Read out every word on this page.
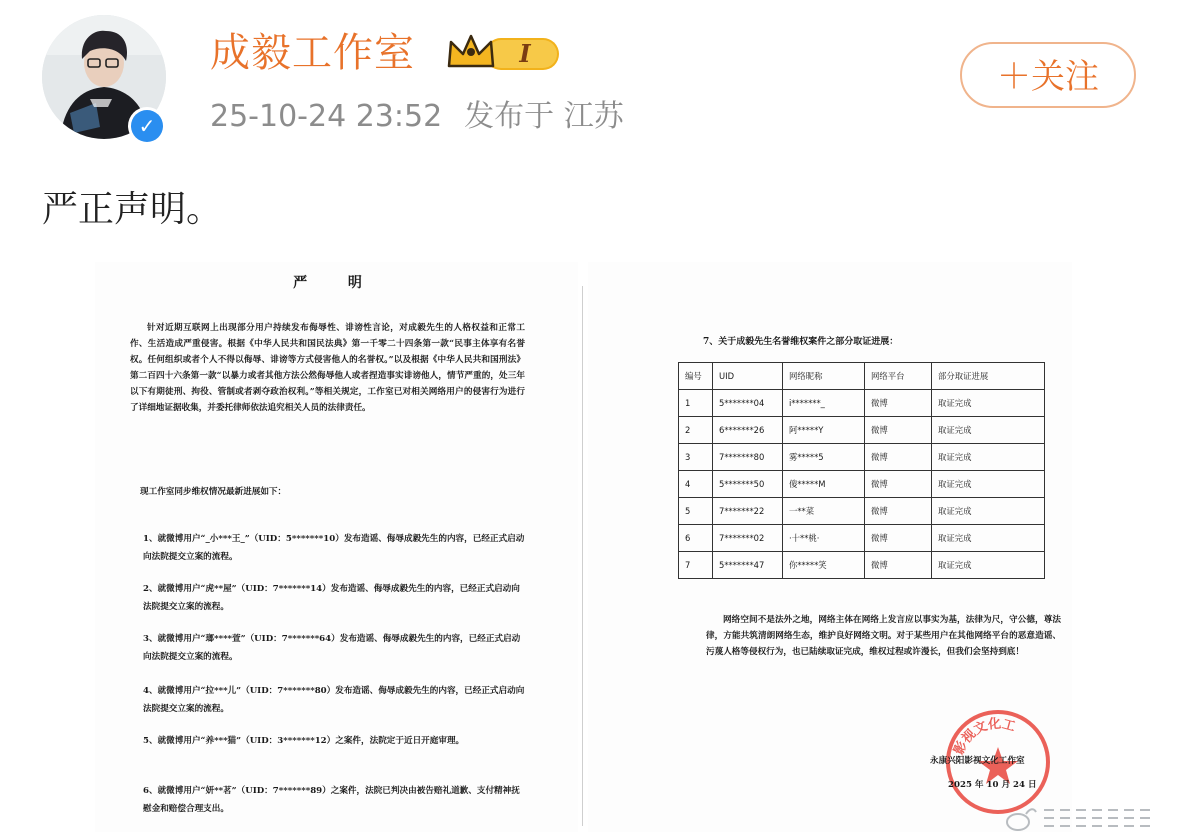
✓
成毅工作室	I
25-10-24 23:52 发布于 江苏
＋关注
严正声明。
严 明
针对近期互联网上出现部分用户持续发布侮辱性、诽谤性言论，对成毅先生的人格权益和正常工作、生活造成严重侵害。根据《中华人民共和国民法典》第一千零二十四条第一款“民事主体享有名誉权。任何组织或者个人不得以侮辱、诽谤等方式侵害他人的名誉权。”以及根据《中华人民共和国刑法》第二百四十六条第一款“以暴力或者其他方法公然侮辱他人或者捏造事实诽谤他人，情节严重的，处三年以下有期徒刑、拘役、管制或者剥夺政治权利。”等相关规定，工作室已对相关网络用户的侵害行为进行了详细地证据收集，并委托律师依法追究相关人员的法律责任。
现工作室同步维权情况最新进展如下：
1、就微博用户“_小***王_”（UID：5*******10）发布造谣、侮辱成毅先生的内容，已经正式启动向法院提交立案的流程。
2、就微博用户“虎**屋”（UID：7*******14）发布造谣、侮辱成毅先生的内容，已经正式启动向法院提交立案的流程。
3、就微博用户“瑯****萱”（UID：7*******64）发布造谣、侮辱成毅先生的内容，已经正式启动向法院提交立案的流程。
4、就微博用户“拉***儿”（UID：7*******80）发布造谣、侮辱成毅先生的内容，已经正式启动向法院提交立案的流程。
5、就微博用户“养***猫”（UID：3*******12）之案件，法院定于近日开庭审理。
6、就微博用户“妍**茗”（UID：7*******89）之案件，法院已判决由被告赔礼道歉、支付精神抚慰金和赔偿合理支出。
7、关于成毅先生名誉维权案件之部分取证进展：
编号	UID	网络昵称	网络平台	部分取证进展
1	5*******04	i*******_	微博	取证完成
2	6*******26	阿*****Y	微博	取证完成
3	7*******80	雾*****5	微博	取证完成
4	5*******50	傻*****M	微博	取证完成
5	7*******22	一**菜	微博	取证完成
6	7*******02	·十**桃·	微博	取证完成
7	5*******47	你*****笑	微博	取证完成
网络空间不是法外之地，网络主体在网络上发言应以事实为基，法律为尺，守公德，尊法律，方能共筑清朗网络生态，维护良好网络文明。对于某些用户在其他网络平台的恶意造谣、污蔑人格等侵权行为，也已陆续取证完成，维权过程或许漫长，但我们会坚持到底！
影视文化工
永康兴阳影视文化工作室
2025 年 10 月 24 日
